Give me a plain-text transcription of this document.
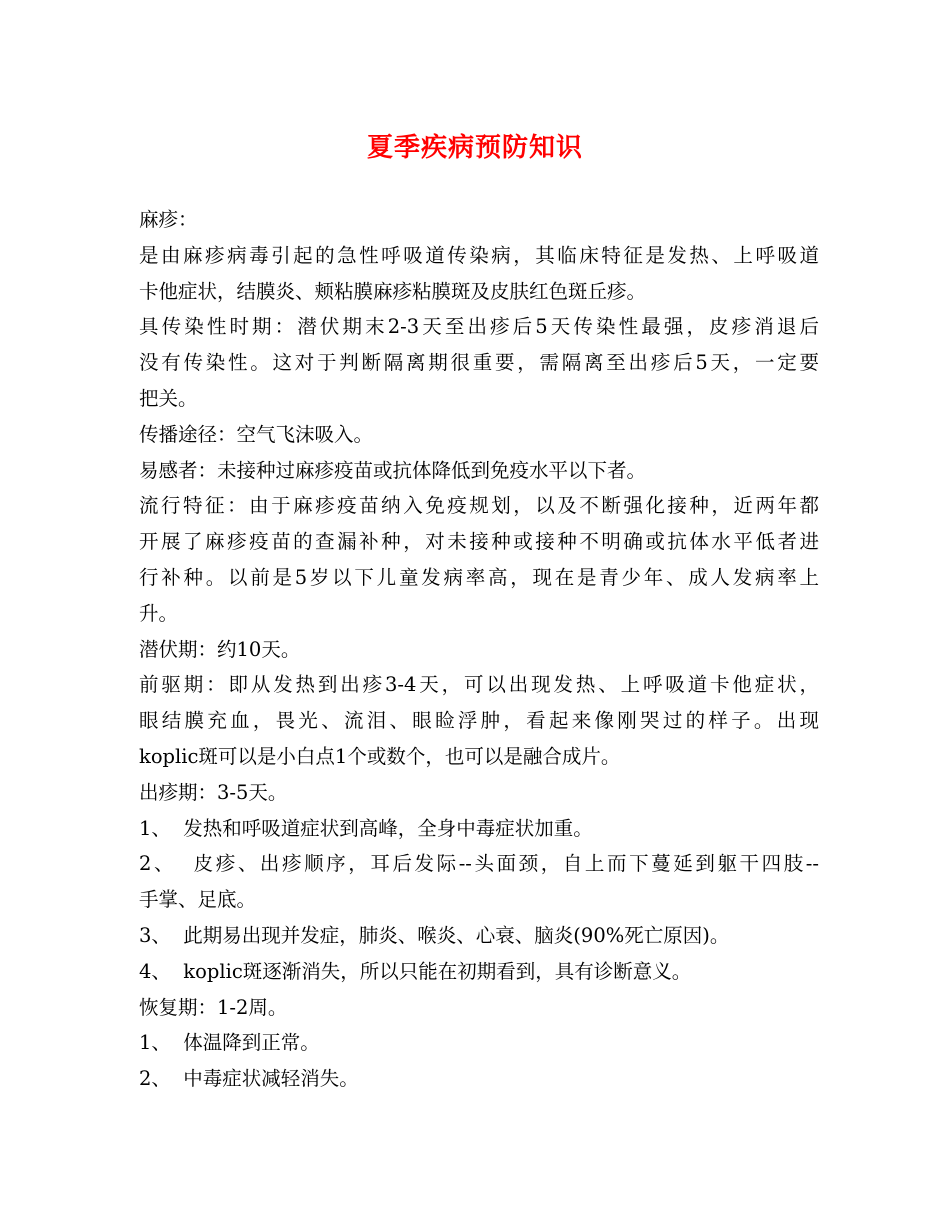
夏季疾病预防知识
麻疹：
是由麻疹病毒引起的急性呼吸道传染病，其临床特征是发热、上呼吸道
卡他症状，结膜炎、颊粘膜麻疹粘膜斑及皮肤红色斑丘疹。
具传染性时期：潜伏期末2-3天至出疹后5天传染性最强，皮疹消退后
没有传染性。这对于判断隔离期很重要，需隔离至出疹后5天，一定要
把关。
传播途径：空气飞沫吸入。
易感者：未接种过麻疹疫苗或抗体降低到免疫水平以下者。
流行特征：由于麻疹疫苗纳入免疫规划，以及不断强化接种，近两年都
开展了麻疹疫苗的查漏补种，对未接种或接种不明确或抗体水平低者进
行补种。以前是5岁以下儿童发病率高，现在是青少年、成人发病率上
升。
潜伏期：约10天。
前驱期：即从发热到出疹3-4天，可以出现发热、上呼吸道卡他症状，
眼结膜充血，畏光、流泪、眼睑浮肿，看起来像刚哭过的样子。出现
koplic斑可以是小白点1个或数个，也可以是融合成片。
出疹期：3-5天。
1、  发热和呼吸道症状到高峰，全身中毒症状加重。
2、  皮疹、出疹顺序，耳后发际--头面颈，自上而下蔓延到躯干四肢--
手掌、足底。
3、  此期易出现并发症，肺炎、喉炎、心衰、脑炎(90%死亡原因)。
4、  koplic斑逐渐消失，所以只能在初期看到，具有诊断意义。
恢复期：1-2周。
1、  体温降到正常。
2、  中毒症状减轻消失。
